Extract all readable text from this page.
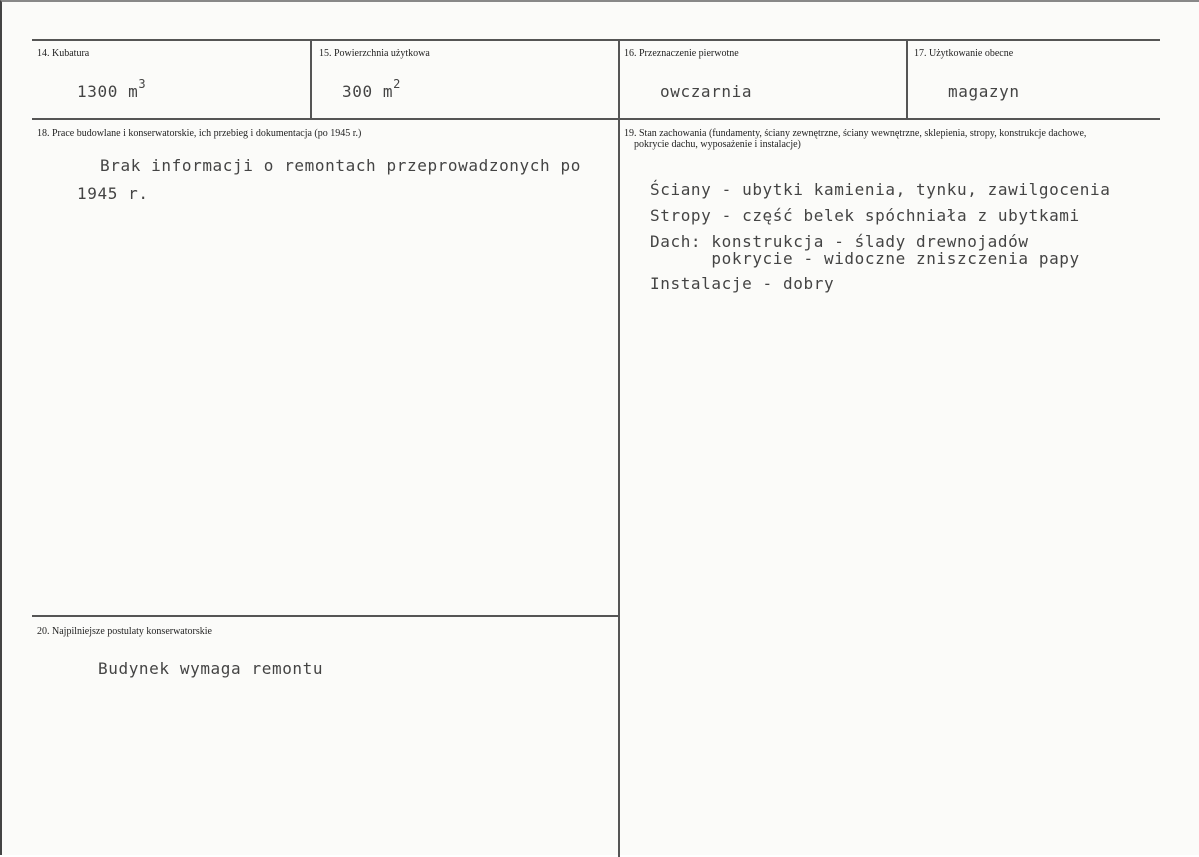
14. Kubatura
1300 $m^3$
15. Powierzchnia użytkowa
300 $m^2$
16. Przeznaczenie pierwotne
owczarnia
17. Użytkowanie obecne
magazyn
18. Prace budowlane i konserwatorskie, ich przebieg i dokumentacja (po 1945 r.)
Brak informacji o remontach przeprowadzonych po
1945 r.
19. Stan zachowania (fundamenty, ściany zewnętrzne, ściany wewnętrzne, sklepienia, stropy, konstrukcje dachowe,
pokrycie dachu, wyposażenie i instalacje)
Ściany - ubytki kamienia, tynku, zawilgocenia
Stropy - część belek spóchniała z ubytkami
Dach: konstrukcja - ślady drewnojadów
pokrycie - widoczne zniszczenia papy
Instalacje - dobry
20. Najpilniejsze postulaty konserwatorskie
Budynek wymaga remontu
